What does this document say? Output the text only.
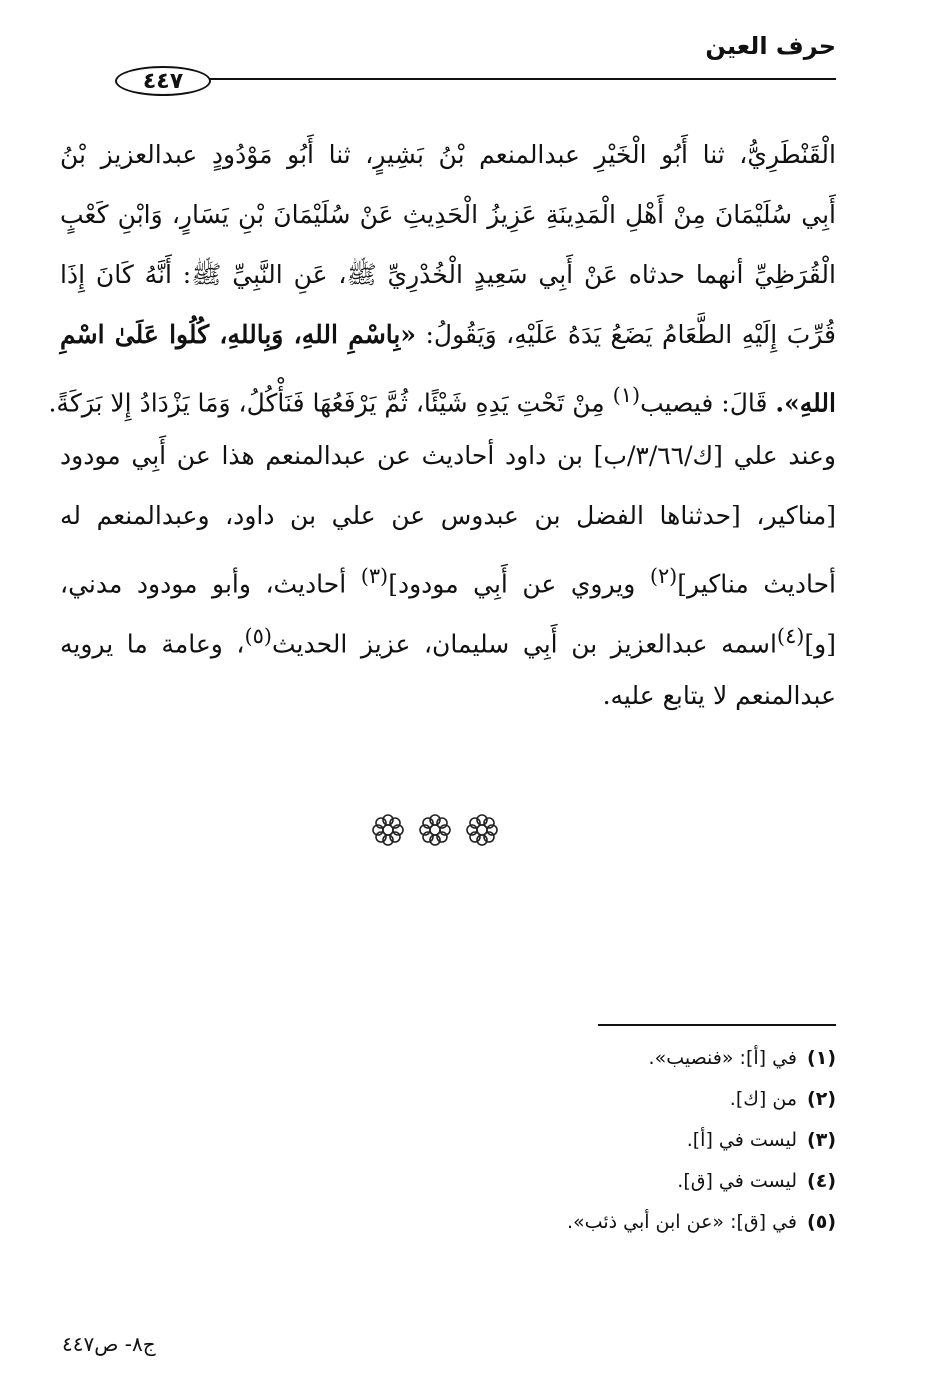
حرف العين
٤٤٧
الْقَنْطَرِيُّ، ثنا أَبُو الْخَيْرِ عبدالمنعم بْنُ بَشِيرٍ، ثنا أَبُو مَوْدُودٍ عبدالعزيز بْنُ
أَبِي سُلَيْمَانَ مِنْ أَهْلِ الْمَدِينَةِ عَزِيزُ الْحَدِيثِ عَنْ سُلَيْمَانَ بْنِ يَسَارٍ، وَابْنِ كَعْبٍ
الْقُرَظِيِّ أنهما حدثاه عَنْ أَبِي سَعِيدٍ الْخُدْرِيِّ ﷺ، عَنِ النَّبِيِّ ﷺ: أَنَّهُ كَانَ إِذَا
قُرِّبَ إِلَيْهِ الطَّعَامُ يَضَعُ يَدَهُ عَلَيْهِ، وَيَقُولُ: «بِاسْمِ اللهِ، وَبِاللهِ، كُلُوا عَلَىٰ اسْمِ
اللهِ». قَالَ: فيصيب$^{(١)}$ مِنْ تَحْتِ يَدِهِ شَيْئًا، ثُمَّ يَرْفَعُهَا فَنَأْكُلُ، وَمَا يَزْدَادُ إِلا بَرَكَةً.
وعند علي [ك/٣/٦٦/ب] بن داود أحاديث عن عبدالمنعم هذا عن أَبِي مودود
[مناكير، [حدثناها الفضل بن عبدوس عن علي بن داود، وعبدالمنعم له
أحاديث مناكير]$^{(٢)}$ ويروي عن أَبِي مودود]$^{(٣)}$ أحاديث، وأبو مودود مدني،
[و]$^{(٤)}$اسمه عبدالعزيز بن أَبِي سليمان، عزيز الحديث$^{(٥)}$، وعامة ما يرويه
عبدالمنعم لا يتابع عليه.
(١)في [أ]: «فنصيب».
(٢)من [ك].
(٣)ليست في [أ].
(٤)ليست في [ق].
(٥)في [ق]: «عن ابن أبي ذئب».
ج٨- ص٤٤٧
